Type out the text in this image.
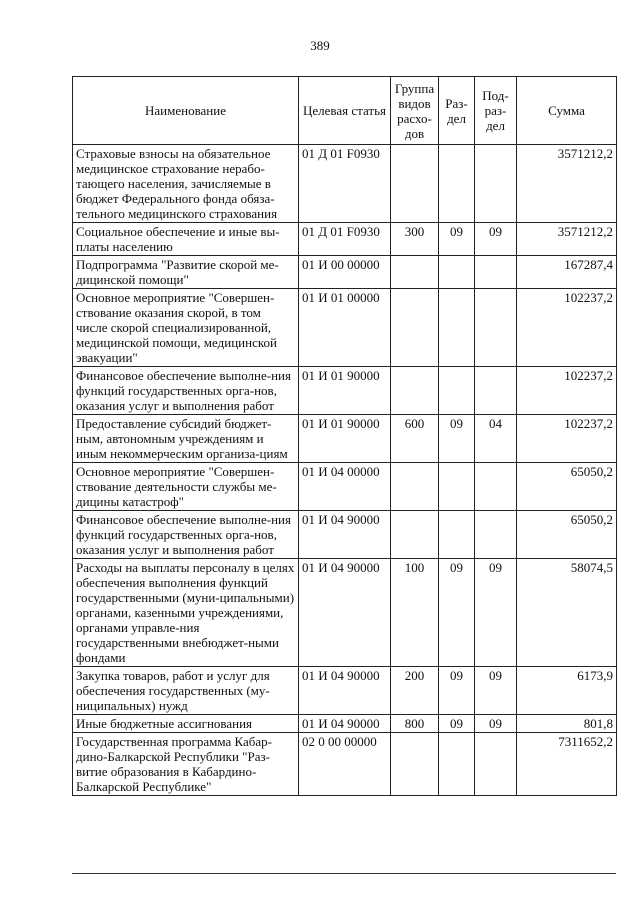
389
Наименование	Целевая статья	Группа видов расхо-дов	Раз-дел	Под-раз-дел	Сумма
Страховые взносы на обязательное медицинское страхование нерабо-тающего населения, зачисляемые в бюджет Федерального фонда обяза-тельного медицинского страхования	01 Д 01 F0930				3571212,2
Социальное обеспечение и иные вы-платы населению	01 Д 01 F0930	300	09	09	3571212,2
Подпрограмма "Развитие скорой ме-дицинской помощи"	01 И 00 00000				167287,4
Основное мероприятие "Совершен-ствование оказания скорой, в том числе скорой специализированной, медицинской помощи, медицинской эвакуации"	01 И 01 00000				102237,2
Финансовое обеспечение выполне-ния функций государственных орга-нов, оказания услуг и выполнения работ	01 И 01 90000				102237,2
Предоставление субсидий бюджет-ным, автономным учреждениям и иным некоммерческим организа-циям	01 И 01 90000	600	09	04	102237,2
Основное мероприятие "Совершен-ствование деятельности службы ме-дицины катастроф"	01 И 04 00000				65050,2
Финансовое обеспечение выполне-ния функций государственных орга-нов, оказания услуг и выполнения работ	01 И 04 90000				65050,2
Расходы на выплаты персоналу в целях обеспечения выполнения функций государственными (муни-ципальными) органами, казенными учреждениями, органами управле-ния государственными внебюджет-ными фондами	01 И 04 90000	100	09	09	58074,5
Закупка товаров, работ и услуг для обеспечения государственных (му-ниципальных) нужд	01 И 04 90000	200	09	09	6173,9
Иные бюджетные ассигнования	01 И 04 90000	800	09	09	801,8
Государственная программа Кабар-дино-Балкарской Республики "Раз-витие образования в Кабардино-Балкарской Республике"	02 0 00 00000				7311652,2
